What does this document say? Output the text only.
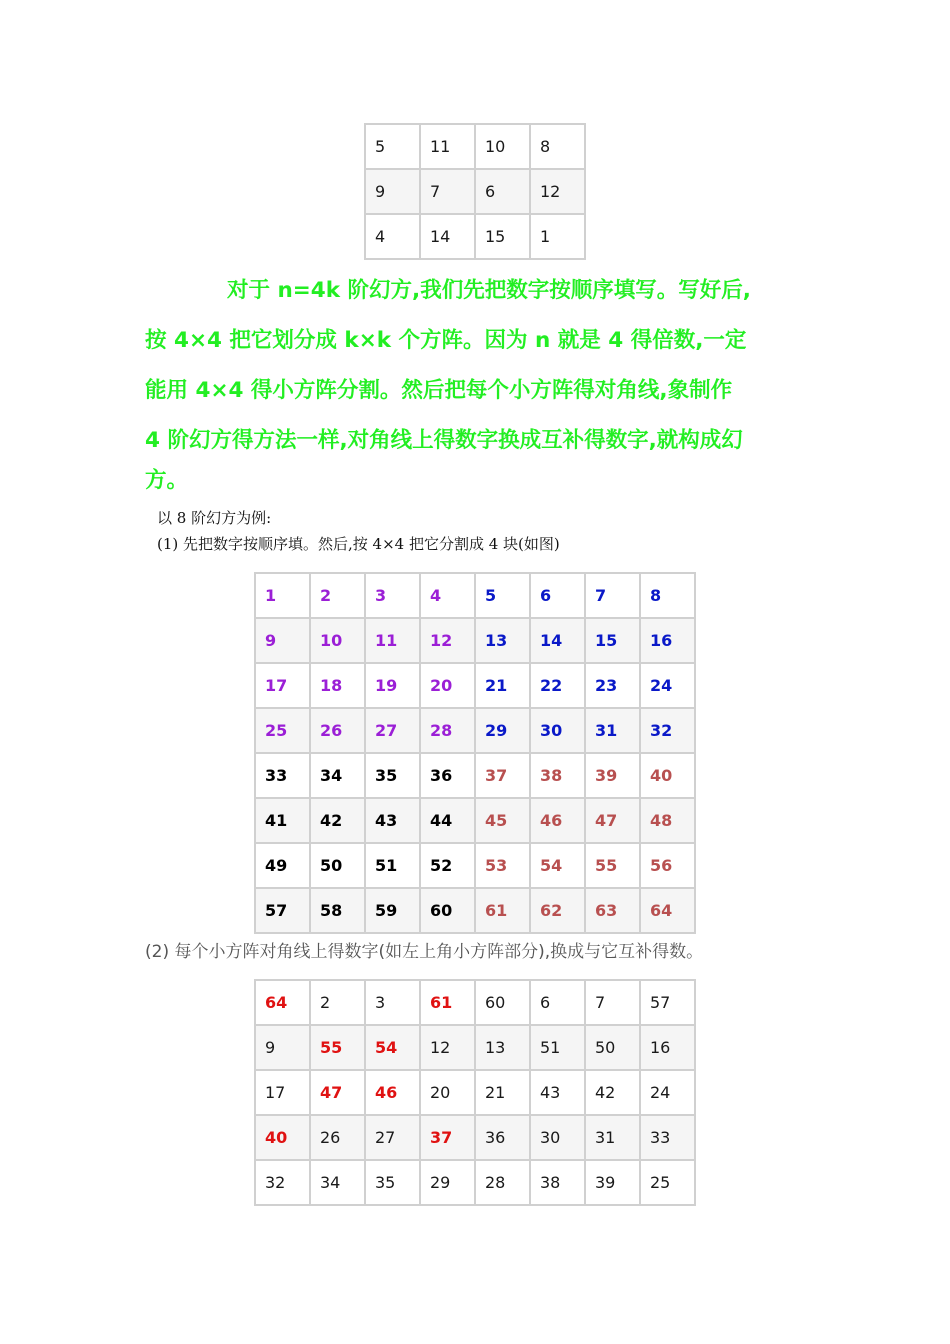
5	11	10	8
9	7	6	12
4	14	15	1
对于 n=4k 阶幻方,我们先把数字按顺序填写。写好后,
按 4×4 把它划分成 k×k 个方阵。因为 n 就是 4 得倍数,一定
能用 4×4 得小方阵分割。然后把每个小方阵得对角线,象制作
4 阶幻方得方法一样,对角线上得数字换成互补得数字,就构成幻
方。

以 8 阶幻方为例:

(1) 先把数字按顺序填。然后,按 4×4 把它分割成 4 块(如图)

1	2	3	4	5	6	7	8
9	10	11	12	13	14	15	16
17	18	19	20	21	22	23	24
25	26	27	28	29	30	31	32
33	34	35	36	37	38	39	40
41	42	43	44	45	46	47	48
49	50	51	52	53	54	55	56
57	58	59	60	61	62	63	64

(2) 每个小方阵对角线上得数字(如左上角小方阵部分),换成与它互补得数。

64	2	3	61	60	6	7	57
9	55	54	12	13	51	50	16
17	47	46	20	21	43	42	24
40	26	27	37	36	30	31	33
32	34	35	29	28	38	39	25
